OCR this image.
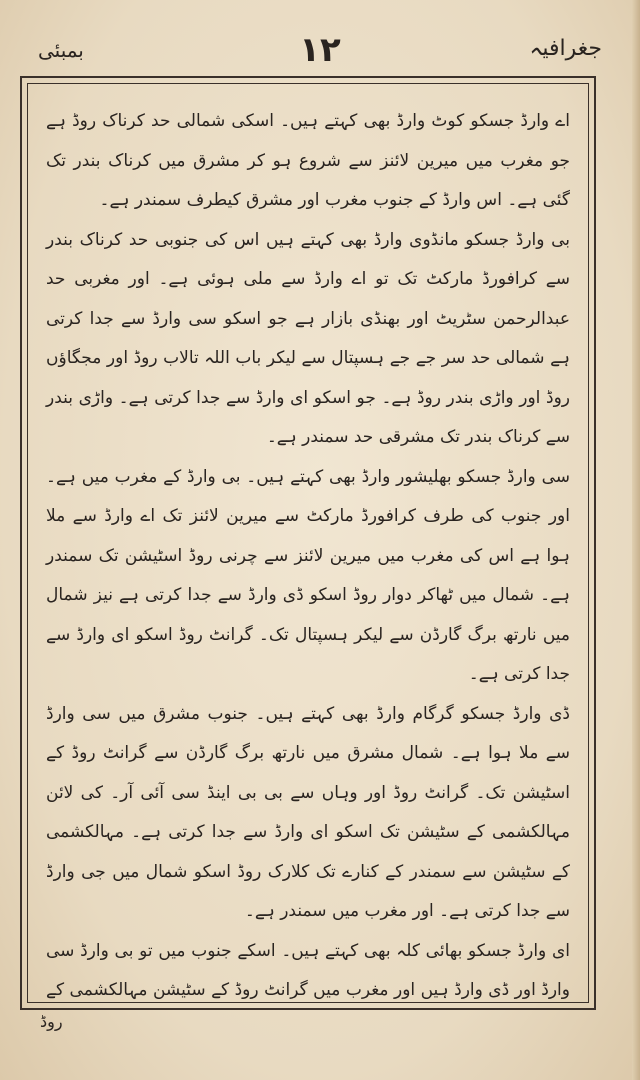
جغرافیہ
۱۲
بمبئی

اے وارڈ جسکو کوٹ وارڈ بھی کہتے ہیں۔ اسکی شمالی حد کرناک روڈ ہے جو مغرب میں میرین لائنز سے شروع ہو کر مشرق میں کرناک بندر تک گئی ہے۔ اس وارڈ کے جنوب مغرب اور مشرق کیطرف سمندر ہے۔

بی وارڈ جسکو مانڈوی وارڈ بھی کہتے ہیں اس کی جنوبی حد کرناک بندر سے کرافورڈ مارکٹ تک تو اے وارڈ سے ملی ہوئی ہے۔ اور مغربی حد عبدالرحمن سٹریٹ اور بھنڈی بازار ہے جو اسکو سی وارڈ سے جدا کرتی ہے شمالی حد سر جے جے ہسپتال سے لیکر باب اللہ تالاب روڈ اور مجگاؤں روڈ اور واڑی بندر روڈ ہے۔ جو اسکو ای وارڈ سے جدا کرتی ہے۔ واڑی بندر سے کرناک بندر تک مشرقی حد سمندر ہے۔

سی وارڈ جسکو بھلیشور وارڈ بھی کہتے ہیں۔ بی وارڈ کے مغرب میں ہے۔ اور جنوب کی طرف کرافورڈ مارکٹ سے میرین لائنز تک اے وارڈ سے ملا ہوا ہے اس کی مغرب میں میرین لائنز سے چرنی روڈ اسٹیشن تک سمندر ہے۔ شمال میں ٹھاکر دوار روڈ اسکو ڈی وارڈ سے جدا کرتی ہے نیز شمال میں نارتھ برگ گارڈن سے لیکر ہسپتال تک۔ گرانٹ روڈ اسکو ای وارڈ سے جدا کرتی ہے۔

ڈی وارڈ جسکو گرگام وارڈ بھی کہتے ہیں۔ جنوب مشرق میں سی وارڈ سے ملا ہوا ہے۔ شمال مشرق میں نارتھ برگ گارڈن سے گرانٹ روڈ کے اسٹیشن تک۔ گرانٹ روڈ اور وہاں سے بی بی اینڈ سی آئی آر۔ کی لائن مہالکشمی کے سٹیشن تک اسکو ای وارڈ سے جدا کرتی ہے۔ مہالکشمی کے سٹیشن سے سمندر کے کنارے تک کلارک روڈ اسکو شمال میں جی وارڈ سے جدا کرتی ہے۔ اور مغرب میں سمندر ہے۔

ای وارڈ جسکو بھائی کلہ بھی کہتے ہیں۔ اسکے جنوب میں تو بی وارڈ سی وارڈ اور ڈی وارڈ ہیں اور مغرب میں گرانٹ روڈ کے سٹیشن مہالکشمی کے

روڈ
